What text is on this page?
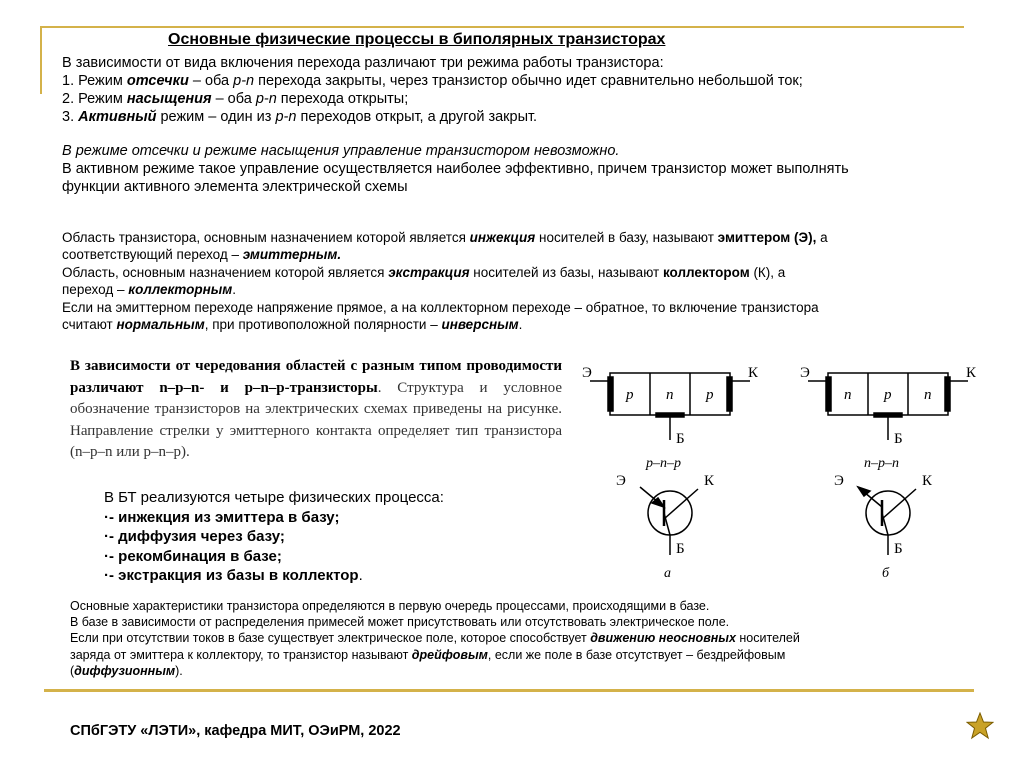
Основные физические процессы в биполярных транзисторах

В зависимости от вида включения перехода различают три режима работы транзистора:

1. Режим отсечки – оба p-n перехода закрыты, через транзистор обычно идет сравнительно небольшой ток;

2. Режим насыщения – оба p-n перехода открыты;

3. Активный режим – один из p-n переходов открыт, а другой закрыт.

В режиме отсечки и режиме насыщения управление транзистором невозможно.

В активном режиме такое управление осуществляется наиболее эффективно, причем транзистор может выполнять

функции активного элемента электрической схемы

Область транзистора, основным назначением которой является инжекция носителей в базу, называют эмиттером (Э), а

соответствующий переход – эмиттерным.

Область, основным назначением которой является экстракция носителей из базы, называют коллектором (К), а

переход – коллекторным.

Если на эмиттерном переходе напряжение прямое, а на коллекторном переходе – обратное, то включение транзистора

считают нормальным, при противоположной полярности – инверсным.

В зависимости от чередования областей с разным типом проводимости различают n–p–n- и p–n–p-транзисторы. Структура и условное обозначение транзисторов на электрических схемах приведены на рисунке. Направление стрелки у эмиттерного контакта определяет тип транзистора (n–p–n или p–n–p).

В БТ реализуются четыре физических процесса:

·- инжекция из эмиттера в базу;

·- диффузия через базу;

·- рекомбинация в базе;

·- экстракция из базы в коллектор.

Э	К
p n p
Б
p–n–p
Э	К
n p n
Б
n–p–n
Э	К
Б
а
Э	К
Б
б

Основные характеристики транзистора определяются в первую очередь процессами, происходящими в базе.

В базе в зависимости от распределения примесей может присутствовать или отсутствовать электрическое поле.

Если при отсутствии токов в базе существует электрическое поле, которое способствует движению неосновных носителей

заряда от эмиттера к коллектору, то транзистор называют дрейфовым, если же поле в базе отсутствует – бездрейфовым

(диффузионным).

СПбГЭТУ «ЛЭТИ», кафедра МИТ, ОЭиРМ, 2022
